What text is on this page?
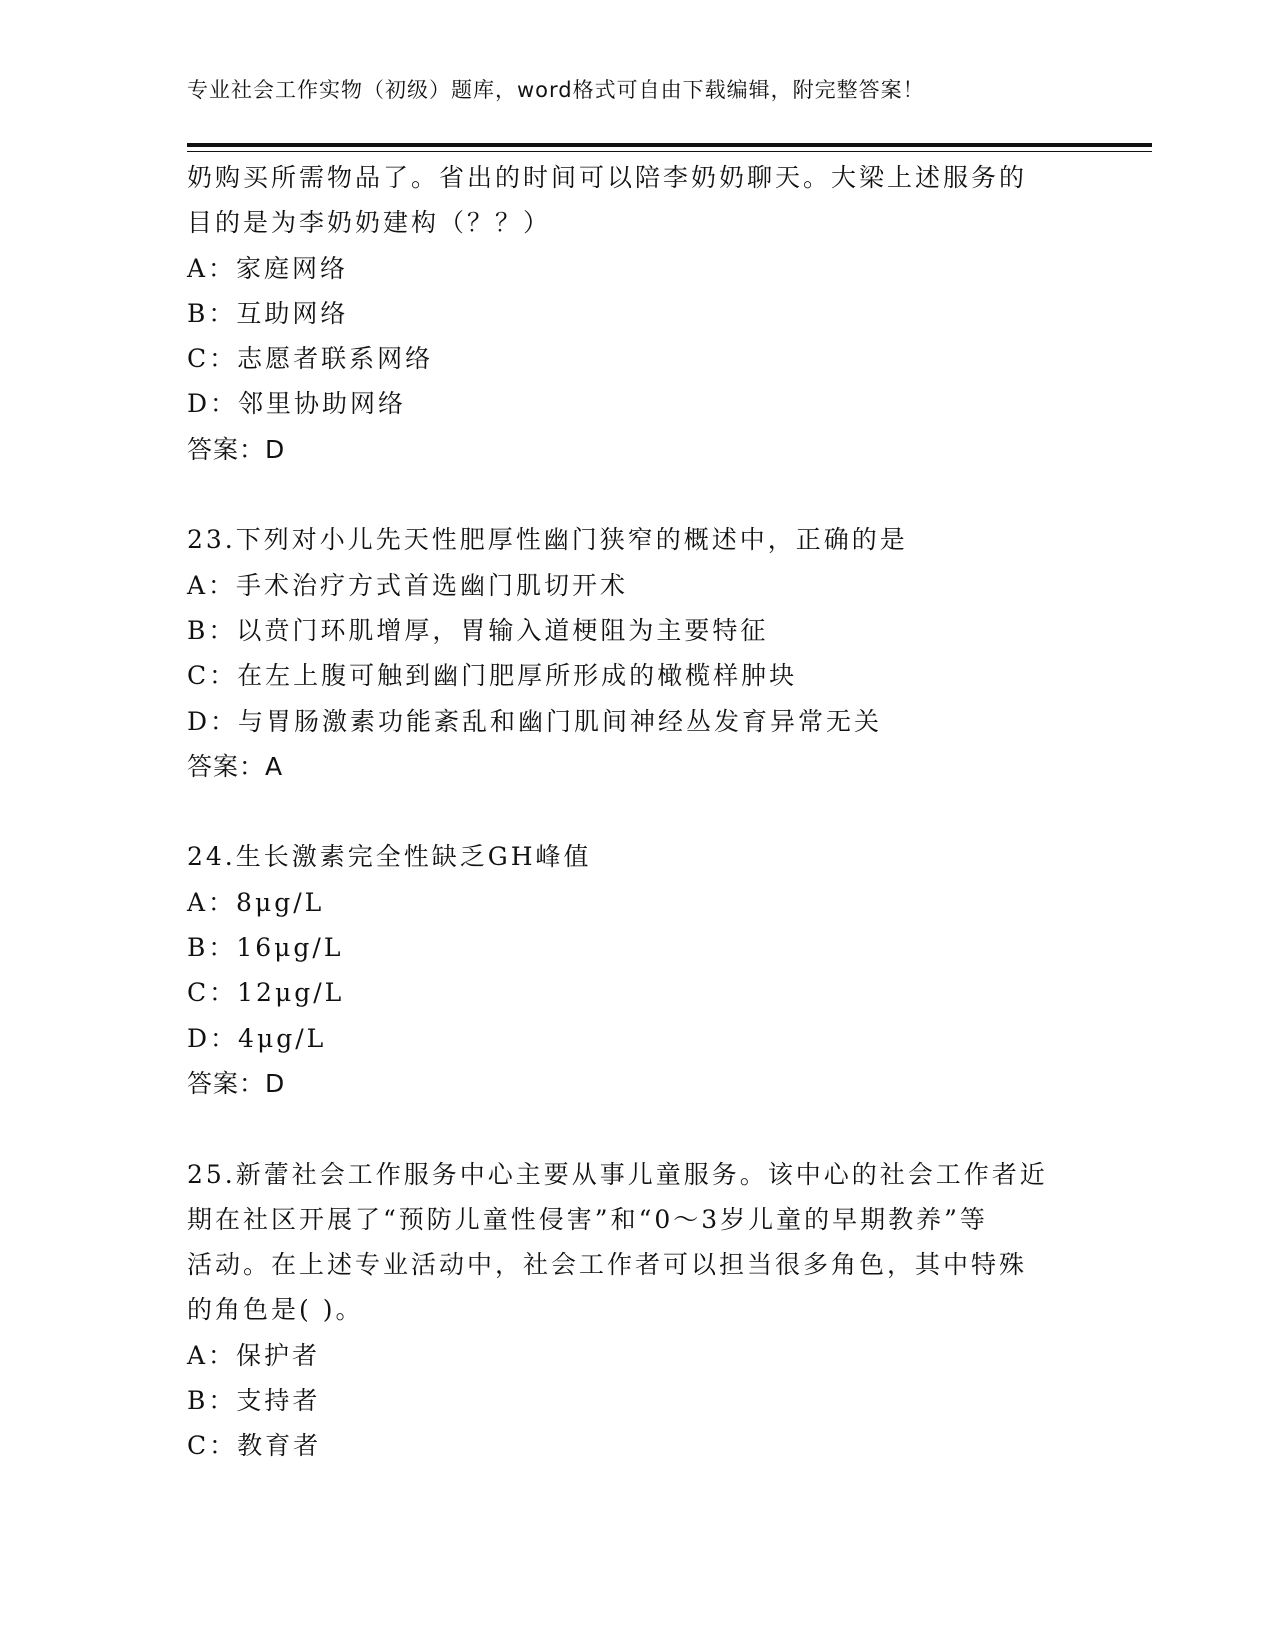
专业社会工作实物（初级）题库，word格式可自由下载编辑，附完整答案！
奶购买所需物品了。省出的时间可以陪李奶奶聊天。大梁上述服务的
目的是为李奶奶建构（？？）
A：家庭网络
B：互助网络
C：志愿者联系网络
D：邻里协助网络
答案：D
23.下列对小儿先天性肥厚性幽门狭窄的概述中，正确的是
A：手术治疗方式首选幽门肌切开术
B：以贲门环肌增厚，胃输入道梗阻为主要特征
C：在左上腹可触到幽门肥厚所形成的橄榄样肿块
D：与胃肠激素功能紊乱和幽门肌间神经丛发育异常无关
答案：A
24.生长激素完全性缺乏GH峰值
A：8μg/L
B：16μg/L
C：12μg/L
D：4μg/L
答案：D
25.新蕾社会工作服务中心主要从事儿童服务。该中心的社会工作者近
期在社区开展了“预防儿童性侵害”和“0～3岁儿童的早期教养”等
活动。在上述专业活动中，社会工作者可以担当很多角色，其中特殊
的角色是( )。
A：保护者
B：支持者
C：教育者
